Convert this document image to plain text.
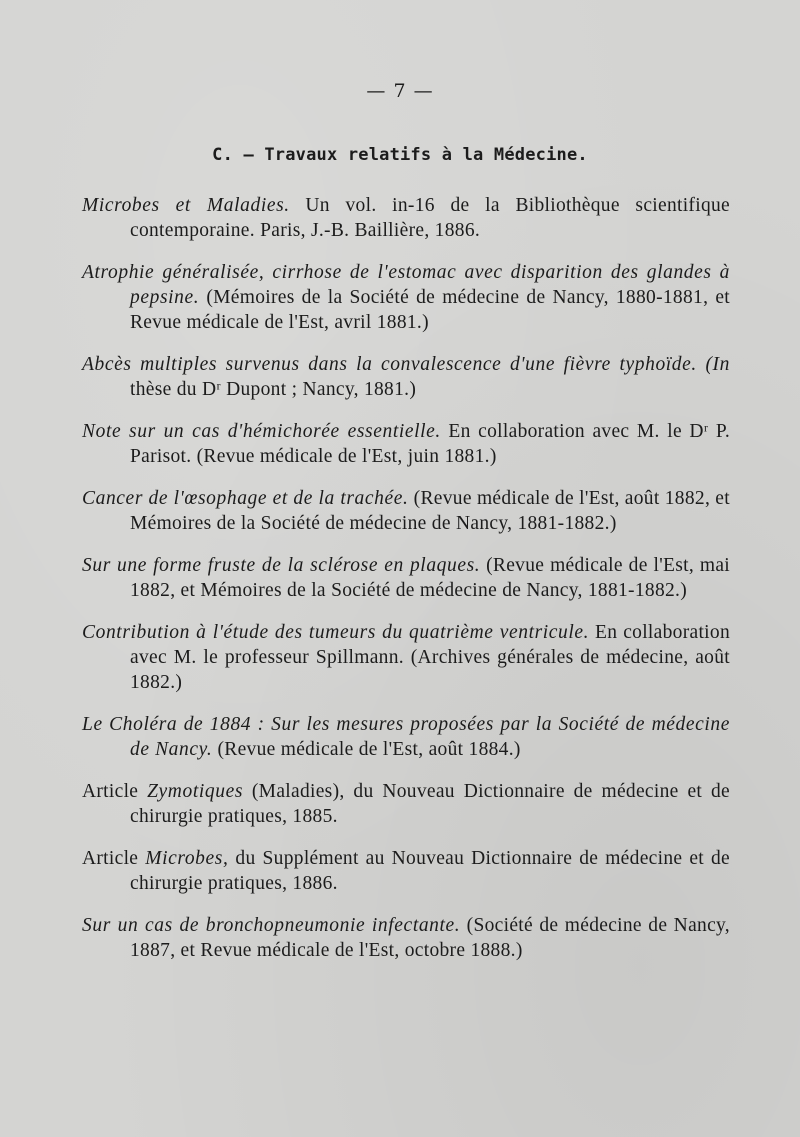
— 7 —
C. — Travaux relatifs à la Médecine.

Microbes et Maladies. Un vol. in-16 de la Bibliothèque scientifique contemporaine. Paris, J.-B. Baillière, 1886.

Atrophie généralisée, cirrhose de l'estomac avec disparition des glandes à pepsine. (Mémoires de la Société de médecine de Nancy, 1880-1881, et Revue médicale de l'Est, avril 1881.)

Abcès multiples survenus dans la convalescence d'une fièvre typhoïde. (In thèse du Dʳ Dupont ; Nancy, 1881.)

Note sur un cas d'hémichorée essentielle. En collaboration avec M. le Dʳ P. Parisot. (Revue médicale de l'Est, juin 1881.)

Cancer de l'œsophage et de la trachée. (Revue médicale de l'Est, août 1882, et Mémoires de la Société de médecine de Nancy, 1881-1882.)

Sur une forme fruste de la sclérose en plaques. (Revue médicale de l'Est, mai 1882, et Mémoires de la Société de médecine de Nancy, 1881-1882.)

Contribution à l'étude des tumeurs du quatrième ventricule. En collaboration avec M. le professeur Spillmann. (Archives générales de médecine, août 1882.)

Le Choléra de 1884 : Sur les mesures proposées par la Société de médecine de Nancy. (Revue médicale de l'Est, août 1884.)

Article Zymotiques (Maladies), du Nouveau Dictionnaire de médecine et de chirurgie pratiques, 1885.

Article Microbes, du Supplément au Nouveau Dictionnaire de médecine et de chirurgie pratiques, 1886.

Sur un cas de bronchopneumonie infectante. (Société de médecine de Nancy, 1887, et Revue médicale de l'Est, octobre 1888.)
